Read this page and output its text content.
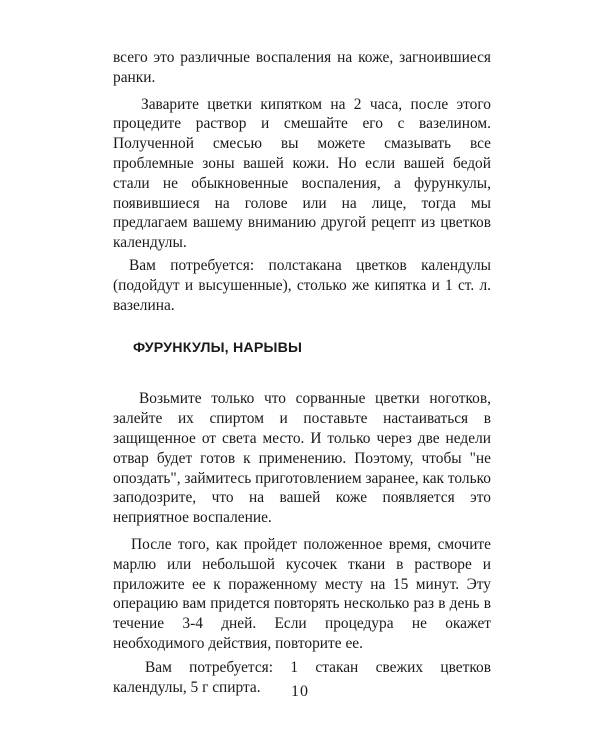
всего это различные воспаления на коже, загноившиеся ранки.

Заварите цветки кипятком на 2 часа, после этого процедите раствор и смешайте его с вазелином. Полученной смесью вы можете смазывать все проблемные зоны вашей кожи. Но если вашей бедой стали не обыкновенные воспаления, а фурункулы, появившиеся на голове или на лице, тогда мы предлагаем вашему вниманию другой рецепт из цветков календулы.

Вам потребуется: полстакана цветков календулы (подойдут и высушенные), столько же кипятка и 1 ст. л. вазелина.

ФУРУНКУЛЫ, НАРЫВЫ

Возьмите только что сорванные цветки ноготков, залейте их спиртом и поставьте настаиваться в защищенное от света место. И только через две недели отвар будет готов к применению. Поэтому, чтобы "не опоздать", займитесь приготовлением заранее, как только заподозрите, что на вашей коже появляется это неприятное воспаление.

После того, как пройдет положенное время, смочите марлю или небольшой кусочек ткани в растворе и приложите ее к пораженному месту на 15 минут. Эту операцию вам придется повторять несколько раз в день в течение 3-4 дней. Если процедура не окажет необходимого действия, повторите ее.

Вам потребуется: 1 стакан свежих цветков календулы, 5 г спирта.	10
